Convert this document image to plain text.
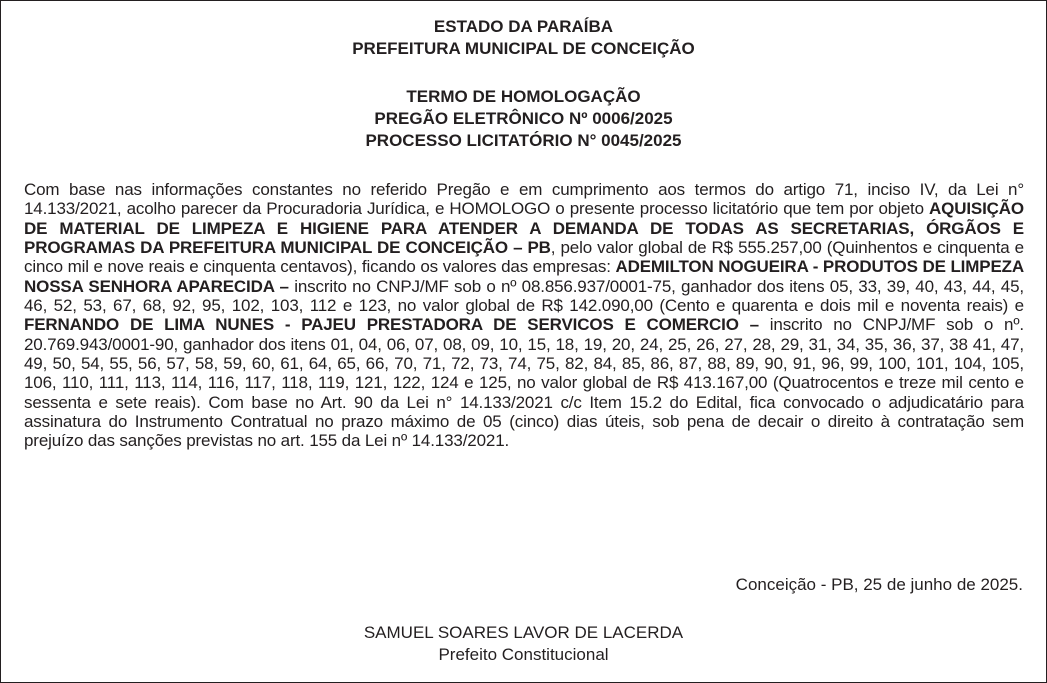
ESTADO DA PARAÍBA
PREFEITURA MUNICIPAL DE CONCEIÇÃO
TERMO DE HOMOLOGAÇÃO
PREGÃO ELETRÔNICO Nº 0006/2025
PROCESSO LICITATÓRIO N° 0045/2025
Com base nas informações constantes no referido Pregão e em cumprimento aos termos do artigo 71, inciso IV, da Lei n° 14.133/2021, acolho parecer da Procuradoria Jurídica, e HOMOLOGO o presente processo licitatório que tem por objeto AQUISIÇÃO DE MATERIAL DE LIMPEZA E HIGIENE PARA ATENDER A DEMANDA DE TODAS AS SECRETARIAS, ÓRGÃOS E PROGRAMAS DA PREFEITURA MUNICIPAL DE CONCEIÇÃO – PB, pelo valor global de R$ 555.257,00 (Quinhentos e cinquenta e cinco mil e nove reais e cinquenta centavos), ficando os valores das empresas: ADEMILTON NOGUEIRA - PRODUTOS DE LIMPEZA NOSSA SENHORA APARECIDA – inscrito no CNPJ/MF sob o nº 08.856.937/0001-75, ganhador dos itens 05, 33, 39, 40, 43, 44, 45, 46, 52, 53, 67, 68, 92, 95, 102, 103, 112 e 123, no valor global de R$ 142.090,00 (Cento e quarenta e dois mil e noventa reais) e FERNANDO DE LIMA NUNES - PAJEU PRESTADORA DE SERVICOS E COMERCIO – inscrito no CNPJ/MF sob o nº. 20.769.943/0001-90, ganhador dos itens 01, 04, 06, 07, 08, 09, 10, 15, 18, 19, 20, 24, 25, 26, 27, 28, 29, 31, 34, 35, 36, 37, 38 41, 47, 49, 50, 54, 55, 56, 57, 58, 59, 60, 61, 64, 65, 66, 70, 71, 72, 73, 74, 75, 82, 84, 85, 86, 87, 88, 89, 90, 91, 96, 99, 100, 101, 104, 105, 106, 110, 111, 113, 114, 116, 117, 118, 119, 121, 122, 124 e 125, no valor global de R$ 413.167,00 (Quatrocentos e treze mil cento e sessenta e sete reais). Com base no Art. 90 da Lei n° 14.133/2021 c/c Item 15.2 do Edital, fica convocado o adjudicatário para assinatura do Instrumento Contratual no prazo máximo de 05 (cinco) dias úteis, sob pena de decair o direito à contratação sem prejuízo das sanções previstas no art. 155 da Lei nº 14.133/2021.
Conceição - PB, 25 de junho de 2025.
SAMUEL SOARES LAVOR DE LACERDA
Prefeito Constitucional
